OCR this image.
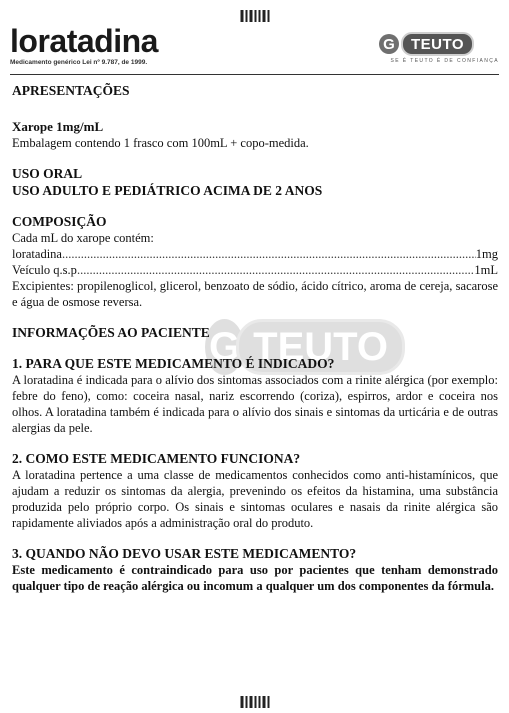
loratadina
Medicamento genérico Lei nº 9.787, de 1999.
G	TEUTO
SE É TEUTO É DE CONFIANÇA
G TEUTO
APRESENTAÇÕES

Xarope 1mg/mL

Embalagem contendo 1 frasco com 100mL + copo-medida.

USO ORAL
USO ADULTO E PEDIÁTRICO ACIMA DE 2 ANOS
COMPOSIÇÃO

Cada mL do xarope contém:

loratadina .....	1mg
Veículo q.s.p .....	1mL

Excipientes: propilenoglicol, glicerol, benzoato de sódio, ácido cítrico, aroma de cereja, sacarose e água de osmose reversa.

INFORMAÇÕES AO PACIENTE
1. PARA QUE ESTE MEDICAMENTO É INDICADO?

A loratadina é indicada para o alívio dos sintomas associados com a rinite alérgica (por exemplo: febre do feno), como: coceira nasal, nariz escorrendo (coriza), espirros, ardor e coceira nos olhos. A loratadina também é indicada para o alívio dos sinais e sintomas da urticária e de outras alergias da pele.

2. COMO ESTE MEDICAMENTO FUNCIONA?

A loratadina pertence a uma classe de medicamentos conhecidos como anti-histamínicos, que ajudam a reduzir os sintomas da alergia, prevenindo os efeitos da histamina, uma substância produzida pelo próprio corpo. Os sinais e sintomas oculares e nasais da rinite alérgica são rapidamente aliviados após a administração oral do produto.

3. QUANDO NÃO DEVO USAR ESTE MEDICAMENTO?

Este medicamento é contraindicado para uso por pacientes que tenham demonstrado qualquer tipo de reação alérgica ou incomum a qualquer um dos componentes da fórmula.
